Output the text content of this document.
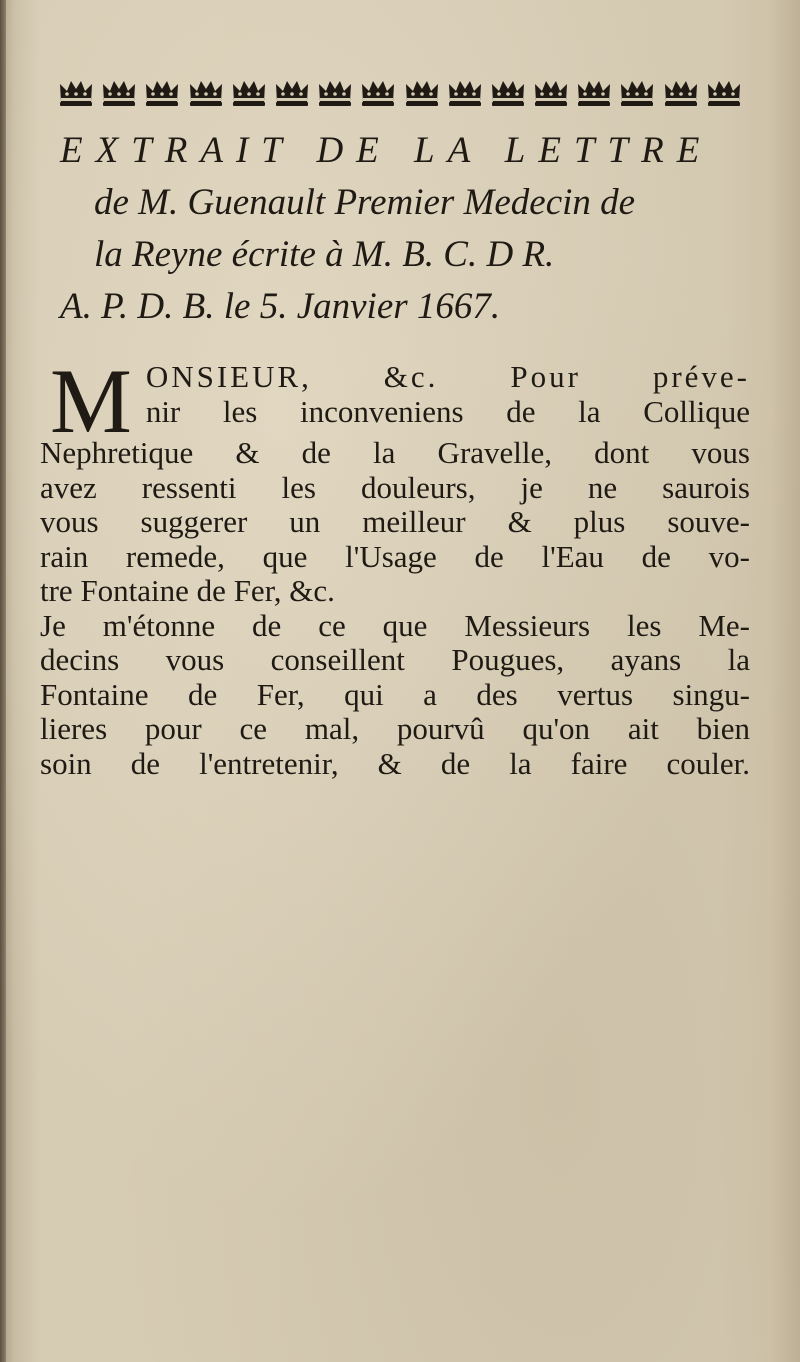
EXTRAIT DE LA LETTRE

de M. Guenault Premier Medecin de

la Reyne écrite à M. B. C. D R.

A. P. D. B. le 5. Janvier 1667.

M ONSIEUR, &c. Pour préve-
nir les inconveniens de la Collique
Nephretique & de la Gravelle, dont vous
avez ressenti les douleurs, je ne saurois
vous suggerer un meilleur & plus souve-
rain remede, que l'Usage de l'Eau de vo-
tre Fontaine de Fer, &c.
Je m'étonne de ce que Messieurs les Me-
decins vous conseillent Pougues, ayans la
Fontaine de Fer, qui a des vertus singu-
lieres pour ce mal, pourvû qu'on ait bien
soin de l'entretenir, & de la faire couler.
